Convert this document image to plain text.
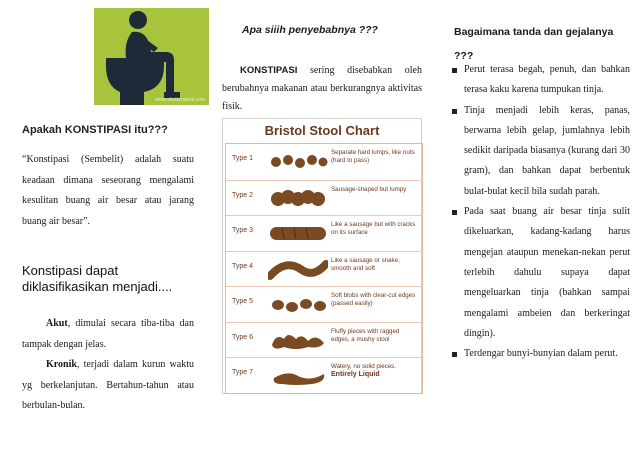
www.shutterstock.com

Apakah KONSTIPASI itu???

“Konstipasi (Sembelit) adalah suatu keadaan dimana seseorang mengalami kesulitan buang air besar atau jarang buang air besar”.

Konstipasi dapat diklasifikasikan menjadi....
Akut, dimulai secara tiba-tiba dan tampak dengan jelas.
Kronik, terjadi dalam kurun waktu yg berkelanjutan. Bertahun-tahun atau berbulan-bulan.

Apa siiih penyebabnya ???

KONSTIPASI sering disebabkan oleh berubahnya makanan atau berkurangnya aktivitas fisik.

Bristol Stool Chart
Type 1
Separate hard lumps, like nuts (hard to pass)
Type 2
Sausage-shaped but lumpy
Type 3
Like a sausage but with cracks on its surface
Type 4
Like a sausage or snake, smooth and soft
Type 5
Soft blobs with clear-cut edges (passed easily)
Type 6
Fluffy pieces with ragged edges, a mushy stool
Type 7
Watery, no solid pieces.
Entirely Liquid

Bagaimana tanda dan gejalanya ???

Perut terasa begah, penuh, dan bahkan terasa kaku karena tumpukan tinja.
Tinja menjadi lebih keras, panas, berwarna lebih gelap, jumlahnya lebih sedikit daripada biasanya (kurang dari 30 gram), dan bahkan dapat berbentuk bulat-bulat kecil bila sudah parah.
Pada saat buang air besar tinja sulit dikeluarkan, kadang-kadang harus mengejan ataupun menekan-nekan perut terlebih dahulu supaya dapat mengeluarkan tinja (bahkan sampai mengalami ambeien dan berkeringat dingin).
Terdengar bunyi-bunyian dalam perut.
